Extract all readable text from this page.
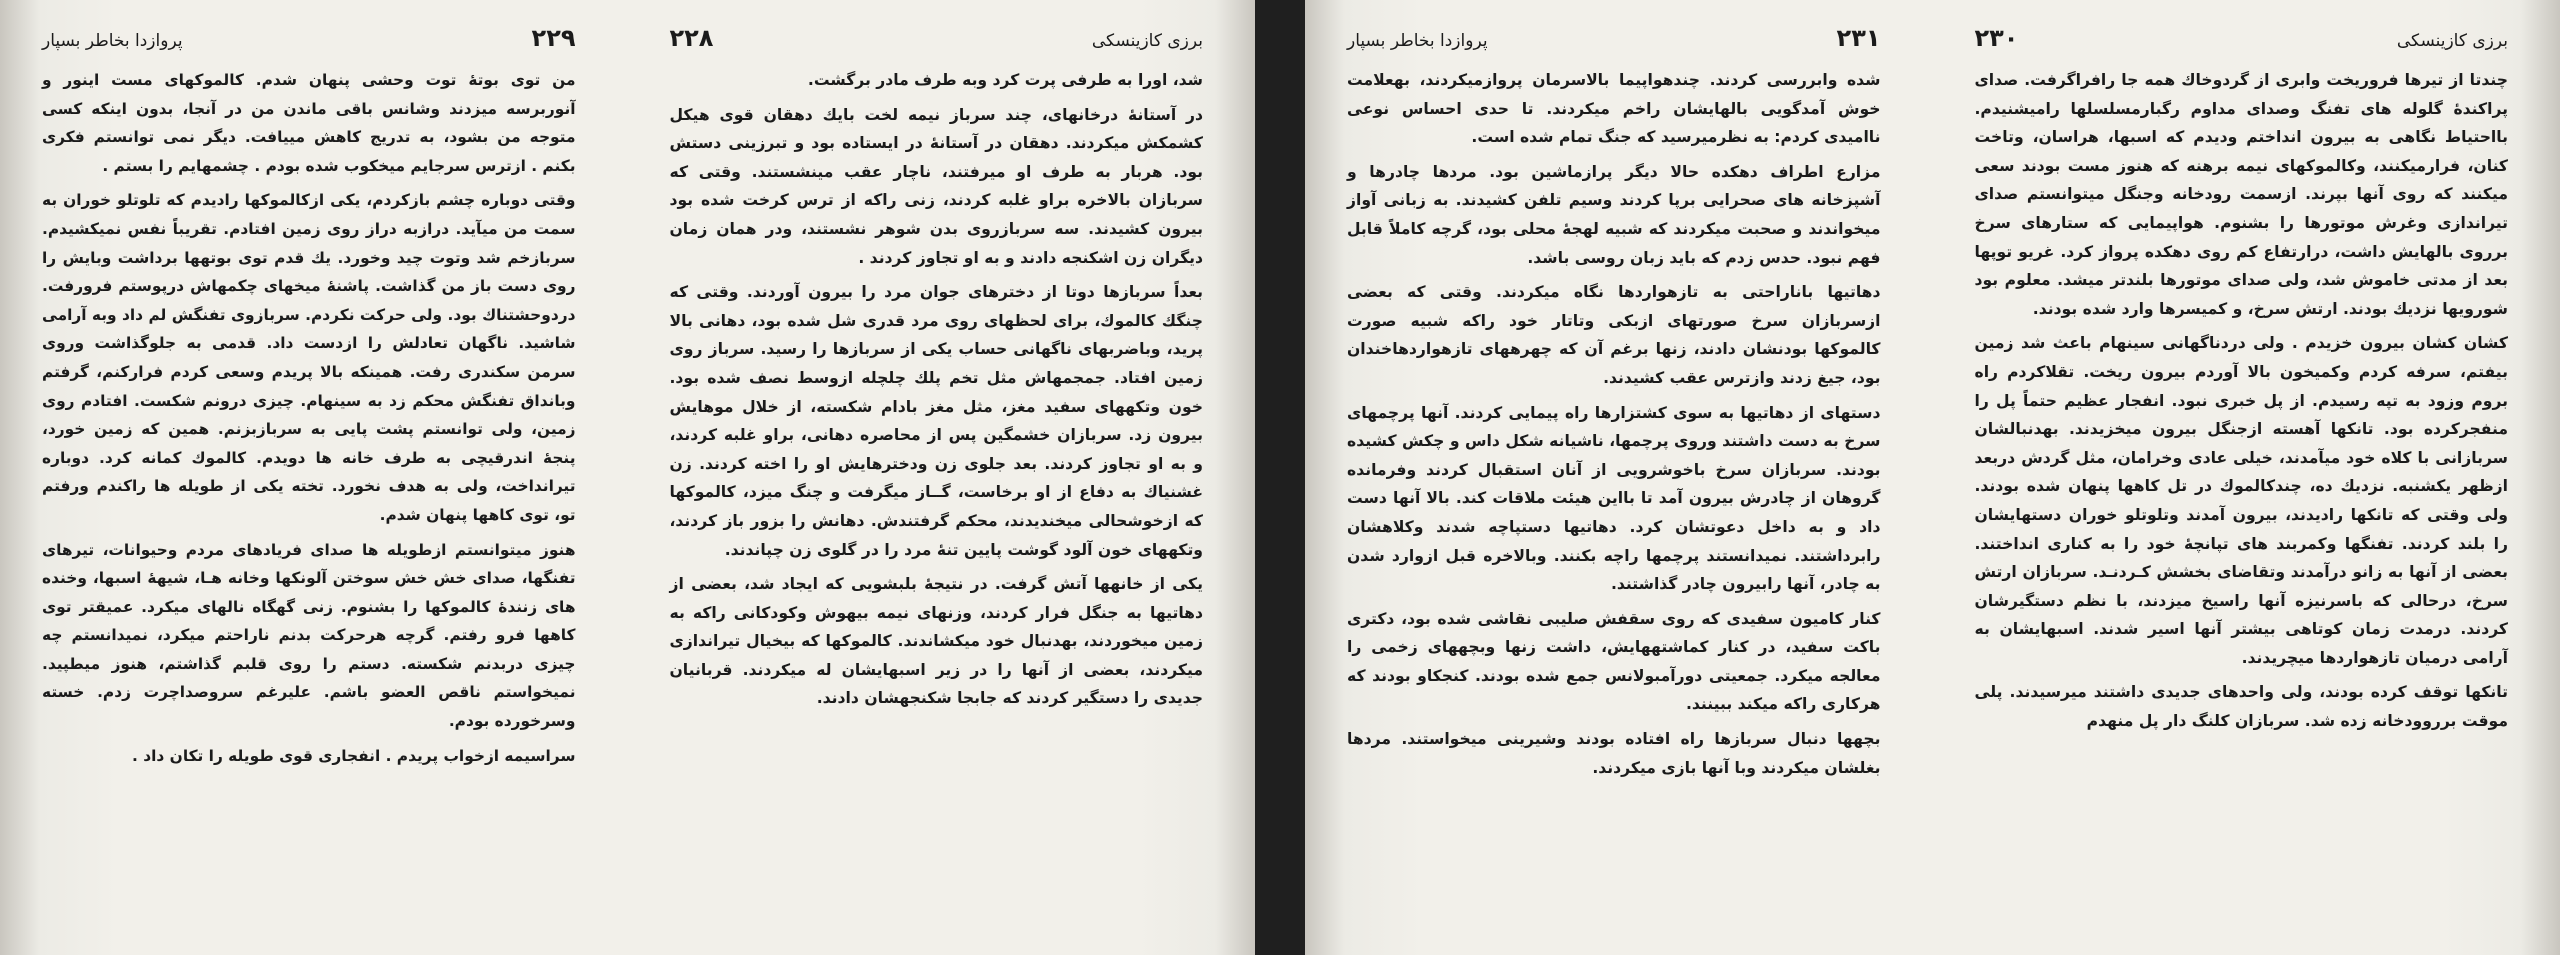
۲۲۹
پروازدا بخاطر بسپار

من توی بوتهٔ توت وحشی پنهان شدم. کالموکهای مست اینور و آنوربرسه میزدند وشانس باقی ماندن من در آنجا، بدون اینکه کسی متوجه من بشود، به تدریج کاهش مییافت. دیگر نمی توانستم فکری بکنم . ازترس سرجایم میخکوب شده بودم . چشمهایم را بستم .

وقتی دوباره چشم بازکردم، یکی ازکالموکها رادیدم که تلوتلو خوران به سمت من میآید. درازبه دراز روی زمین افتادم. تقریباً نفس نمیکشیدم. سربازخم شد وتوت چید وخورد. یك قدم توی بوتهها برداشت وبایش را روی دست باز من گذاشت. پاشنهٔ میخهای چکمهاش درپوستم فرورفت. دردوحشتناك بود. ولی حرکت نکردم. سربازوی تفنگش لم داد وبه آرامی شاشید. ناگهان تعادلش را ازدست داد. قدمی به جلوگذاشت وروی سرمن سکندری رفت. همینکه بالا پریدم وسعی کردم فرارکنم، گرفتم وبانداق تفنگش محکم زد به سینهام. چیزی درونم شکست. افتادم روی زمین، ولی توانستم پشت پایی به سربازبزنم. همین که زمین خورد، پنجهٔ اندرقیچی به طرف خانه ها دویدم. کالموك کمانه کرد. دوباره تیرانداخت، ولی به هدف نخورد. تخته یکی از طویله ها راکندم ورفتم تو، توی کاهها پنهان شدم.

هنوز میتوانستم ازطویله ها صدای فریادهای مردم وحیوانات، تیرهای تفنگها، صدای خش خش سوختن آلونکها وخانه هـا، شیههٔ اسبها، وخنده های زنندهٔ کالموکها را بشنوم. زنی گهگاه نالهای میکرد. عمیقتر توی کاهها فرو رفتم. گرچه هرحرکت بدنم ناراحتم میکرد، نمیدانستم چه چیزی دربدنم شکسته. دستم را روی قلبم گذاشتم، هنوز میطپید. نمیخواستم ناقص العضو باشم. علیرغم سروصداچرت زدم. خسته وسرخورده بودم.

سراسیمه ازخواب پریدم . انفجاری قوی طویله را تکان داد .

برزی کازینسکی
۲۲۸

شد، اورا به طرفی پرت کرد وبه طرف مادر برگشت.

در آستانهٔ درخانهای، چند سرباز نیمه لخت بایك دهقان قوی هیکل کشمکش میکردند. دهقان در آستانهٔ در ایستاده بود و تبرزینی دستش بود. هربار به طرف او میرفتند، ناچار عقب مینشستند. وقتی که سربازان بالاخره براو غلبه کردند، زنی راکه از ترس کرخت شده بود بیرون کشیدند. سه سربازروی بدن شوهر نشستند، ودر همان زمان دیگران زن اشکنجه دادند و به او تجاوز کردند .

بعداً سربازها دوتا از دخترهای جوان مرد را بیرون آوردند. وقتی که چنگك کالموك، برای لحظهای روی مرد قدری شل شده بود، دهانی بالا پرید، وباضربهای ناگهانی حساب یکی از سربازها را رسید. سرباز روی زمین افتاد. جمجمهاش مثل تخم پلك چلچله ازوسط نصف شده بود. خون وتکههای سفید مغز، مثل مغز بادام شکسته، از خلال موهایش بیرون زد. سربازان خشمگین پس از محاصره دهانی، براو غلبه کردند، و به او تجاوز کردند. بعد جلوی زن ودخترهایش او را اخته کردند. زن غشنیاك به دفاع از او برخاست، گــاز میگرفت و چنگ میزد، کالموکها که ازخوشحالی میخندیدند، محکم گرفتندش. دهانش را بزور باز کردند، وتکههای خون آلود گوشت پایین تنهٔ مرد را در گلوی زن چپاندند.

یکی از خانهها آتش گرفت. در نتیجهٔ بلبشویی که ایجاد شد، بعضی از دهاتیها به جنگل فرار کردند، وزنهای نیمه بیهوش وکودکانی راکه به زمین میخوردند، بهدنبال خود میکشاندند. کالموکها که بیخیال تیراندازی میکردند، بعضی از آنها را در زیر اسبهایشان له میکردند. قربانیان جدیدی را دستگیر کردند که جابجا شکنجهشان دادند.

۲۳۱
پروازدا بخاطر بسپار

شده وابررسی کردند. چندهواپیما بالاسرمان پروازمیکردند، بهعلامت خوش آمدگویی بالهایشان راخم میکردند. تا حدی احساس نوعی ناامیدی کردم: به نظرمیرسید که جنگ تمام شده است.

مزارع اطراف دهکده حالا دیگر پرازماشین بود. مردها چادرها و آشپزخانه های صحرایی برپا کردند وسیم تلفن کشیدند. به زبانی آواز میخواندند و صحبت میکردند که شبیه لهجهٔ محلی بود، گرچه کاملاً قابل فهم نبود. حدس زدم که باید زبان روسی باشد.

دهاتیها باناراحتی به تازهواردها نگاه میکردند. وقتی که بعضی ازسربازان سرخ صورتهای ازبکی وتاتار خود راکه شبیه صورت کالموکها بودنشان دادند، زنها برغم آن که چهرههای تازهواردهاخندان بود، جیغ زدند وازترس عقب کشیدند.

دستهای از دهاتیها به سوی کشتزارها راه پیمایی کردند. آنها پرچمهای سرخ به دست داشتند وروی پرچمها، ناشیانه شکل داس و چکش کشیده بودند. سربازان سرخ باخوشرویی از آنان استقبال کردند وفرمانده گروهان از چادرش بیرون آمد تا بااین هیئت ملاقات کند. بالا آنها دست داد و به داخل دعوتشان کرد. دهاتیها دستپاچه شدند وکلاهشان رابرداشتند. نمیدانستند پرچمها راچه بکنند. وبالاخره قبل ازوارد شدن به چادر، آنها رابیرون چادر گذاشتند.

کنار کامیون سفیدی که روی سقفش صلیبی نقاشی شده بود، دکتری باکت سفید، در کنار کماشتههایش، داشت زنها وبچههای زخمی را معالجه میکرد. جمعیتی دورآمبولانس جمع شده بودند. کنجکاو بودند که هرکاری راکه میکند ببینند.

بچهها دنبال سربازها راه افتاده بودند وشیرینی میخواستند. مردها بغلشان میکردند وبا آنها بازی میکردند.

برزی کازینسکی
۲۳۰

چندتا از تیرها فروریخت وابری از گردوخاك همه جا رافراگرفت. صدای پراکندهٔ گلوله های تفنگ وصدای مداوم رگبارمسلسلها رامیشنیدم. بااحتیاط نگاهی به بیرون انداختم ودیدم که اسبها، هراسان، وتاخت کنان، فرارمیکنند، وکالموکهای نیمه برهنه که هنوز مست بودند سعی میکنند که روی آنها بپرند. ازسمت رودخانه وجنگل میتوانستم صدای تیراندازی وغرش موتورها را بشنوم. هواپیمایی که ستارهای سرخ برروی بالهایش داشت، درارتفاع کم روی دهکده پرواز کرد. غریو توپها بعد از مدتی خاموش شد، ولی صدای موتورها بلندتر میشد. معلوم بود شورویها نزدیك بودند. ارتش سرخ، و کمیسرها وارد شده بودند.

کشان کشان بیرون خزیدم . ولی دردناگهانی سینهام باعث شد زمین بیفتم، سرفه کردم وکمیخون بالا آوردم بیرون ریخت. تقلاکردم راه بروم وزود به تپه رسیدم. از پل خبری نبود. انفجار عظیم حتماً پل را منفجرکرده بود. تانکها آهسته ازجنگل بیرون میخزیدند. بهدنبالشان سربازانی با کلاه خود میآمدند، خیلی عادی وخرامان، مثل گردش دربعد ازظهر یکشنبه. نزدیك ده، چندکالموك در تل کاهها پنهان شده بودند. ولی وقتی که تانکها رادیدند، بیرون آمدند وتلوتلو خوران دستهایشان را بلند کردند. تفنگها وکمربند های تپانچهٔ خود را به کناری انداختند. بعضی از آنها به زانو درآمدند وتقاضای بخشش کـردنـد. سربازان ارتش سرخ، درحالی که باسرنیزه آنها راسیخ میزدند، با نظم دستگیرشان کردند. درمدت زمان کوتاهی بیشتر آنها اسیر شدند. اسبهایشان به آرامی درمیان تازهواردها میچریدند.

تانکها توقف کرده بودند، ولی واحدهای جدیدی داشتند میرسیدند. پلی موقت برروودخانه زده شد. سربازان کلنگ دار پل منهدم
